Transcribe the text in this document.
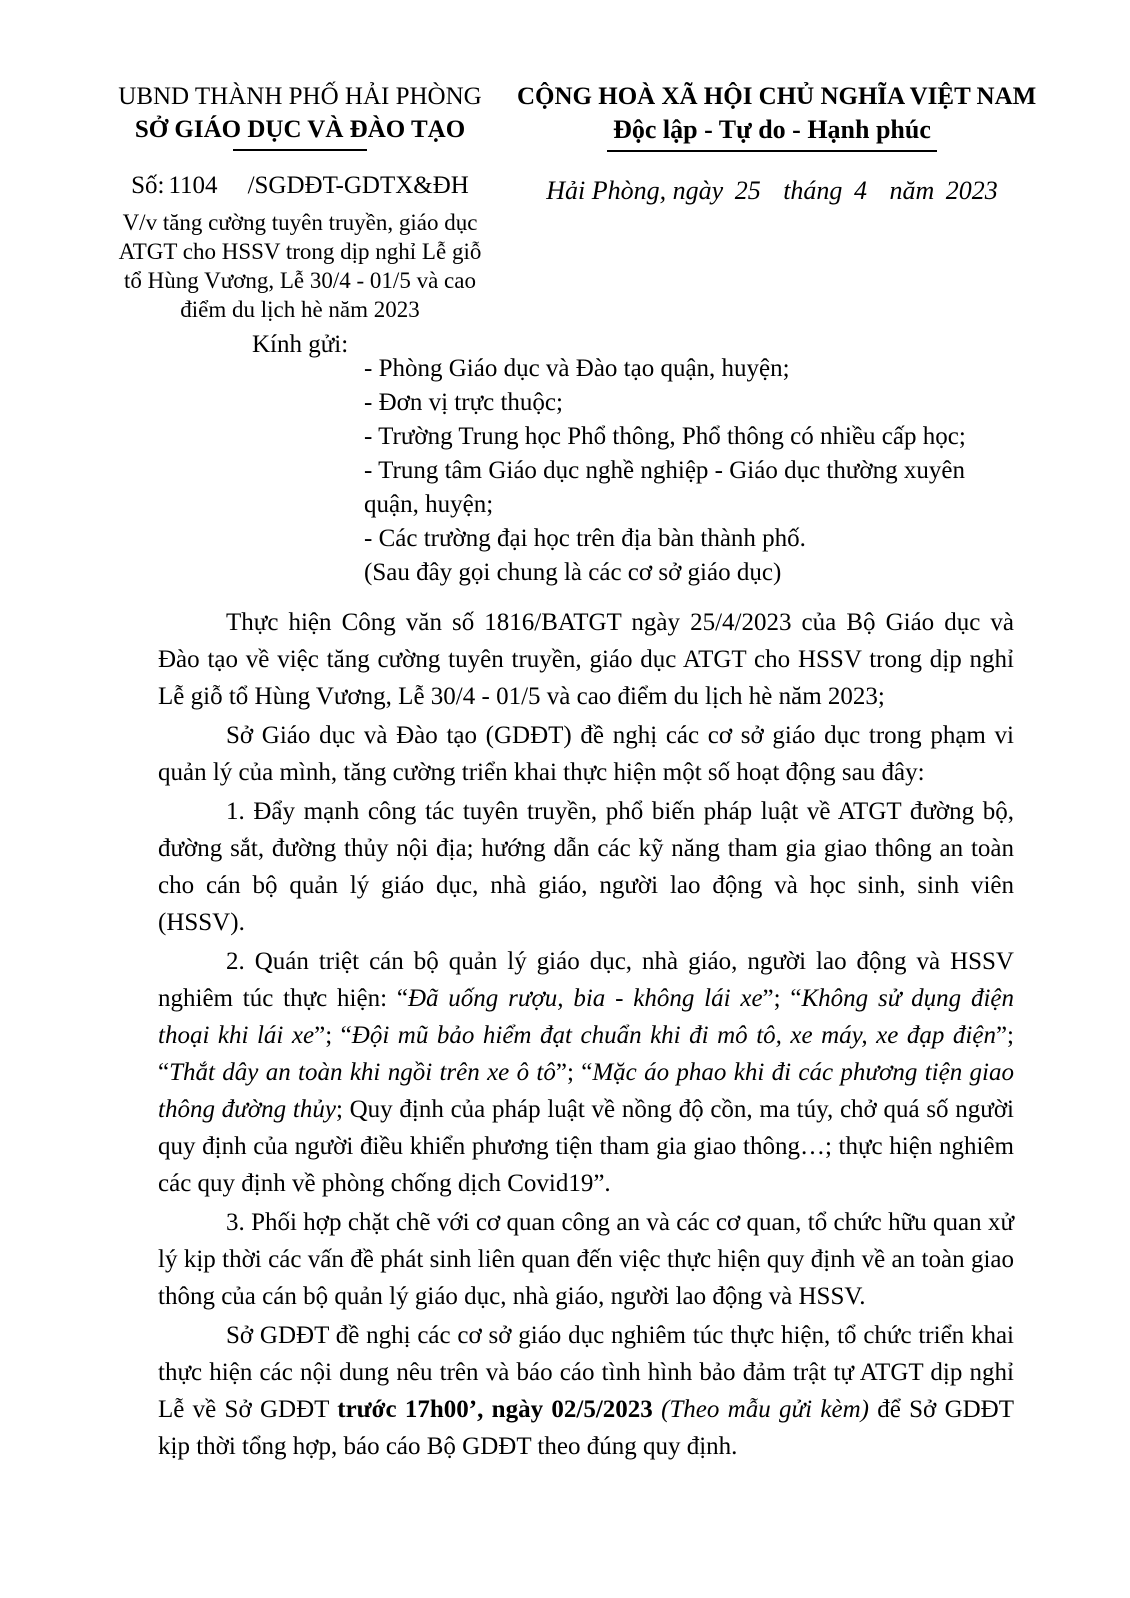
UBND THÀNH PHỐ HẢI PHÒNG
SỞ GIÁO DỤC VÀ ĐÀO TẠO
Số: 1104 /SGDĐT-GDTX&ĐH
V/v tăng cường tuyên truyền, giáo dục ATGT cho HSSV trong dịp nghỉ Lễ giỗ tổ Hùng Vương, Lễ 30/4 - 01/5 và cao điểm du lịch hè năm 2023
CỘNG HOÀ XÃ HỘI CHỦ NGHĨA VIỆT NAM
Độc lập - Tự do - Hạnh phúc
Hải Phòng, ngày 25 tháng 4 năm 2023
Kính gửi:
- Phòng Giáo dục và Đào tạo quận, huyện;
- Đơn vị trực thuộc;
- Trường Trung học Phổ thông, Phổ thông có nhiều cấp học;
- Trung tâm Giáo dục nghề nghiệp - Giáo dục thường xuyên quận, huyện;
- Các trường đại học trên địa bàn thành phố.
(Sau đây gọi chung là các cơ sở giáo dục)

Thực hiện Công văn số 1816/BATGT ngày 25/4/2023 của Bộ Giáo dục và Đào tạo về việc tăng cường tuyên truyền, giáo dục ATGT cho HSSV trong dịp nghỉ Lễ giỗ tổ Hùng Vương, Lễ 30/4 - 01/5 và cao điểm du lịch hè năm 2023;

Sở Giáo dục và Đào tạo (GDĐT) đề nghị các cơ sở giáo dục trong phạm vi quản lý của mình, tăng cường triển khai thực hiện một số hoạt động sau đây:

1. Đẩy mạnh công tác tuyên truyền, phổ biến pháp luật về ATGT đường bộ, đường sắt, đường thủy nội địa; hướng dẫn các kỹ năng tham gia giao thông an toàn cho cán bộ quản lý giáo dục, nhà giáo, người lao động và học sinh, sinh viên (HSSV).

2. Quán triệt cán bộ quản lý giáo dục, nhà giáo, người lao động và HSSV nghiêm túc thực hiện: “Đã uống rượu, bia - không lái xe”; “Không sử dụng điện thoại khi lái xe”; “Đội mũ bảo hiểm đạt chuẩn khi đi mô tô, xe máy, xe đạp điện”; “Thắt dây an toàn khi ngồi trên xe ô tô”; “Mặc áo phao khi đi các phương tiện giao thông đường thủy; Quy định của pháp luật về nồng độ cồn, ma túy, chở quá số người quy định của người điều khiển phương tiện tham gia giao thông…; thực hiện nghiêm các quy định về phòng chống dịch Covid19”.

3. Phối hợp chặt chẽ với cơ quan công an và các cơ quan, tổ chức hữu quan xử lý kịp thời các vấn đề phát sinh liên quan đến việc thực hiện quy định về an toàn giao thông của cán bộ quản lý giáo dục, nhà giáo, người lao động và HSSV.

Sở GDĐT đề nghị các cơ sở giáo dục nghiêm túc thực hiện, tổ chức triển khai thực hiện các nội dung nêu trên và báo cáo tình hình bảo đảm trật tự ATGT dịp nghỉ Lễ về Sở GDĐT trước 17h00’, ngày 02/5/2023 (Theo mẫu gửi kèm) để Sở GDĐT kịp thời tổng hợp, báo cáo Bộ GDĐT theo đúng quy định.
